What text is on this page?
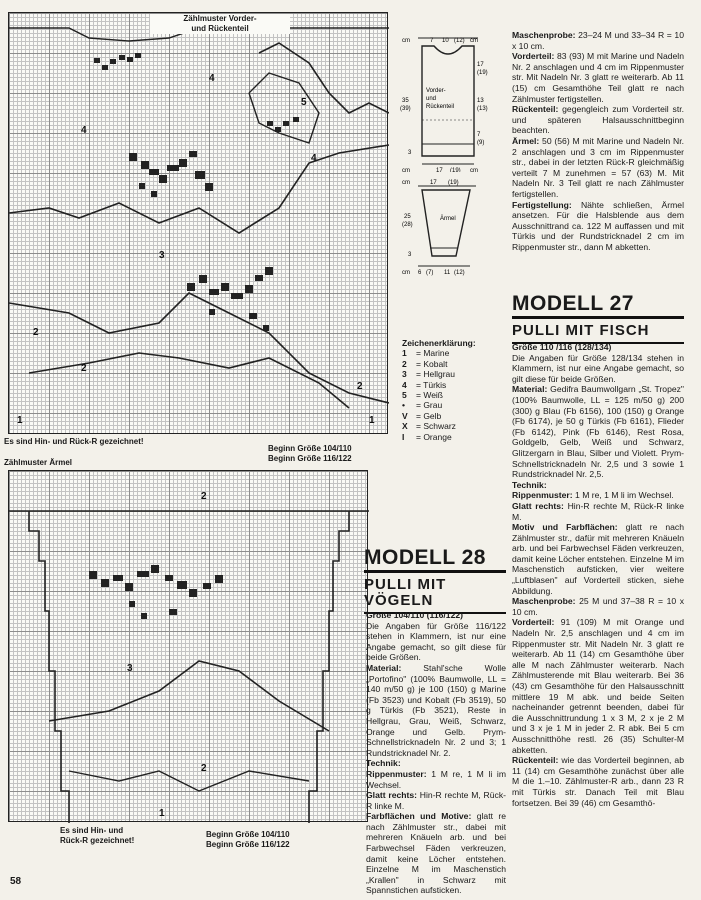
4
5
4
4
3
2
2
2
1	1
Zählmuster Vorder-
und Rückenteil
Es sind Hin- und Rück-R gezeichnet!
Beginn Größe 104/110
Beginn Größe 116/122
Zählmuster Ärmel
2
3
2
1
Es sind Hin- und
Rück-R gezeichnet!
Beginn Größe 104/110
Beginn Größe 116/122
58
cm	7 10 (12) cm
35
(39)
17
(19)
13
(13)
7
(9)
Vorder-
und
Rückenteil
3
cm	17 (19) cm
cm	17 (19)
25
(28)
Ärmel
3
cm 6 (7) 11 (12)
Zeichenerklärung:
1 = Marine
2 = Kobalt
3 = Hellgrau
4 = Türkis
5 = Weiß
• = Grau
V = Gelb
X = Schwarz
I = Orange

Maschenprobe: 23–24 M und 33–34 R = 10 x 10 cm.

Vorderteil: 83 (93) M mit Marine und Nadeln Nr. 2 anschlagen und 4 cm im Rippenmuster str. Mit Nadeln Nr. 3 glatt re weiterarb. Ab 11 (15) cm Gesamthöhe Teil glatt re nach Zählmuster fertigstellen.

Rückenteil: gegengleich zum Vorderteil str. und späteren Halsausschnittbeginn beachten.

Ärmel: 50 (56) M mit Marine und Nadeln Nr. 2 anschlagen und 3 cm im Rippenmuster str., dabei in der letzten Rück-R gleichmäßig verteilt 7 M zunehmen = 57 (63) M. Mit Nadeln Nr. 3 Teil glatt re nach Zählmuster fertigstellen.

Fertigstellung: Nähte schließen, Ärmel ansetzen. Für die Halsblende aus dem Ausschnittrand ca. 122 M auffassen und mit Türkis und der Rundstricknadel 2 cm im Rippenmuster str., dann M abketten.

MODELL 27
PULLI MIT FISCH

Größe 110 /116 (128/134)

Die Angaben für Größe 128/134 stehen in Klammern, ist nur eine Angabe gemacht, so gilt diese für beide Größen.

Material: Gedifra Baumwollgarn „St. Tropez" (100% Baumwolle, LL = 125 m/50 g) 200 (300) g Blau (Fb 6156), 100 (150) g Orange (Fb 6174), je 50 g Türkis (Fb 6161), Flieder (Fb 6142), Pink (Fb 6146), Rest Rosa, Goldgelb, Gelb, Weiß und Schwarz, Glitzergarn in Blau, Silber und Violett. Prym-Schnellstricknadeln Nr. 2,5 und 3 sowie 1 Rundstricknadel Nr. 2,5.

Technik:

Rippenmuster: 1 M re, 1 M li im Wechsel.

Glatt rechts: Hin-R rechte M, Rück-R linke M.

Motiv und Farbflächen: glatt re nach Zählmuster str., dafür mit mehreren Knäueln arb. und bei Farbwechsel Fäden verkreuzen, damit keine Löcher entstehen. Einzelne M im Maschenstich aufsticken, vier weitere „Luftblasen" auf Vorderteil sticken, siehe Abbildung.

Maschenprobe: 25 M und 37–38 R = 10 x 10 cm.

Vorderteil: 91 (109) M mit Orange und Nadeln Nr. 2,5 anschlagen und 4 cm im Rippenmuster str. Mit Nadeln Nr. 3 glatt re weiterarb. Ab 11 (14) cm Gesamthöhe über alle M nach Zählmuster weiterarb. Nach Zählmusterende mit Blau weiterarb. Bei 36 (43) cm Gesamthöhe für den Halsausschnitt mittlere 19 M abk. und beide Seiten nacheinander getrennt beenden, dabei für die Ausschnittrundung 1 x 3 M, 2 x je 2 M und 3 x je 1 M in jeder 2. R abk. Bei 5 cm Ausschnitthöhe restl. 26 (35) Schulter-M abketten.

Rückenteil: wie das Vorderteil beginnen, ab 11 (14) cm Gesamthöhe zunächst über alle M die 1.–10. Zählmuster-R arb., dann 23 R mit Türkis str. Danach Teil mit Blau fortsetzen. Bei 39 (46) cm Gesamthö-

MODELL 28
PULLI MIT
VÖGELN

Größe 104/110 (116/122)

Die Angaben für Größe 116/122 stehen in Klammern, ist nur eine Angabe gemacht, so gilt diese für beide Größen.

Material: Stahl'sche Wolle „Portofino" (100% Baumwolle, LL = 140 m/50 g) je 100 (150) g Marine (Fb 3523) und Kobalt (Fb 3519), 50 g Türkis (Fb 3521), Reste in Hellgrau, Grau, Weiß, Schwarz, Orange und Gelb. Prym-Schnellstricknadeln Nr. 2 und 3; 1 Rundstricknadel Nr. 2.

Technik:

Rippenmuster: 1 M re, 1 M li im Wechsel.

Glatt rechts: Hin-R rechte M, Rück-R linke M.

Farbflächen und Motive: glatt re nach Zählmuster str., dabei mit mehreren Knäueln arb. und bei Farbwechsel Fäden verkreuzen, damit keine Löcher entstehen. Einzelne M im Maschenstich „Krallen" in Schwarz mit Spannstichen aufsticken.
